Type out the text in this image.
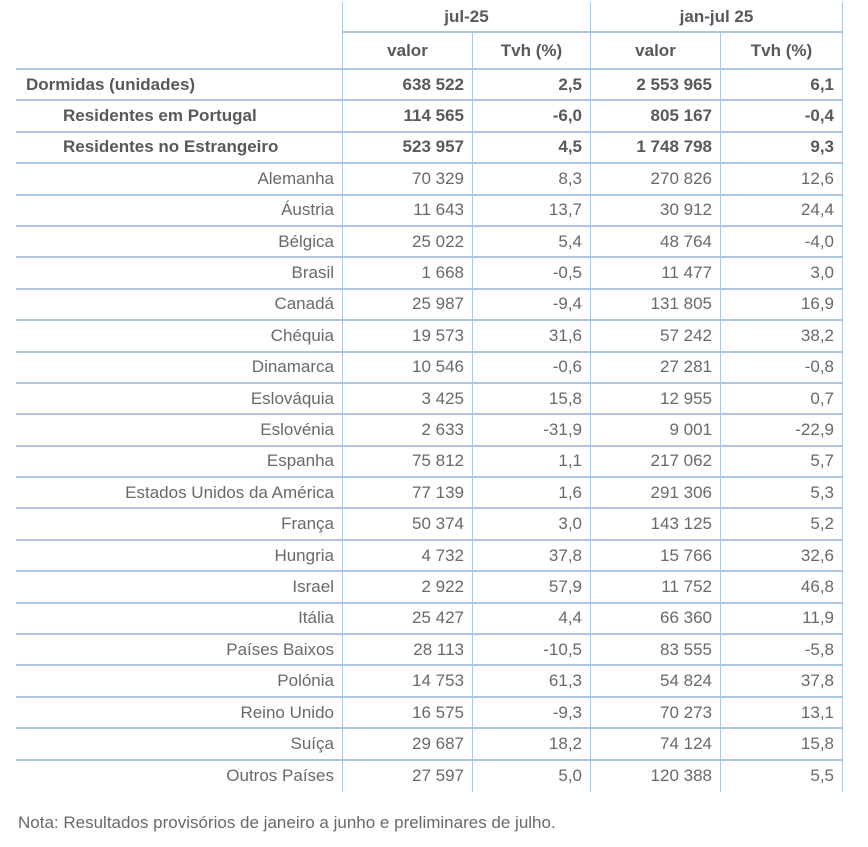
	jul-25		jan-jul 25	
	valor	Tvh (%)	valor	Tvh (%)
Dormidas (unidades)	638 522	2,5	2 553 965	6,1
Residentes em Portugal	114 565	-6,0	805 167	-0,4
Residentes no Estrangeiro	523 957	4,5	1 748 798	9,3
Alemanha	70 329	8,3	270 826	12,6
Áustria	11 643	13,7	30 912	24,4
Bélgica	25 022	5,4	48 764	-4,0
Brasil	1 668	-0,5	11 477	3,0
Canadá	25 987	-9,4	131 805	16,9
Chéquia	19 573	31,6	57 242	38,2
Dinamarca	10 546	-0,6	27 281	-0,8
Eslováquia	3 425	15,8	12 955	0,7
Eslovénia	2 633	-31,9	9 001	-22,9
Espanha	75 812	1,1	217 062	5,7
Estados Unidos da América	77 139	1,6	291 306	5,3
França	50 374	3,0	143 125	5,2
Hungria	4 732	37,8	15 766	32,6
Israel	2 922	57,9	11 752	46,8
Itália	25 427	4,4	66 360	11,9
Países Baixos	28 113	-10,5	83 555	-5,8
Polónia	14 753	61,3	54 824	37,8
Reino Unido	16 575	-9,3	70 273	13,1
Suíça	29 687	18,2	74 124	15,8
Outros Países	27 597	5,0	120 388	5,5

Nota: Resultados provisórios de janeiro a junho e preliminares de julho.
